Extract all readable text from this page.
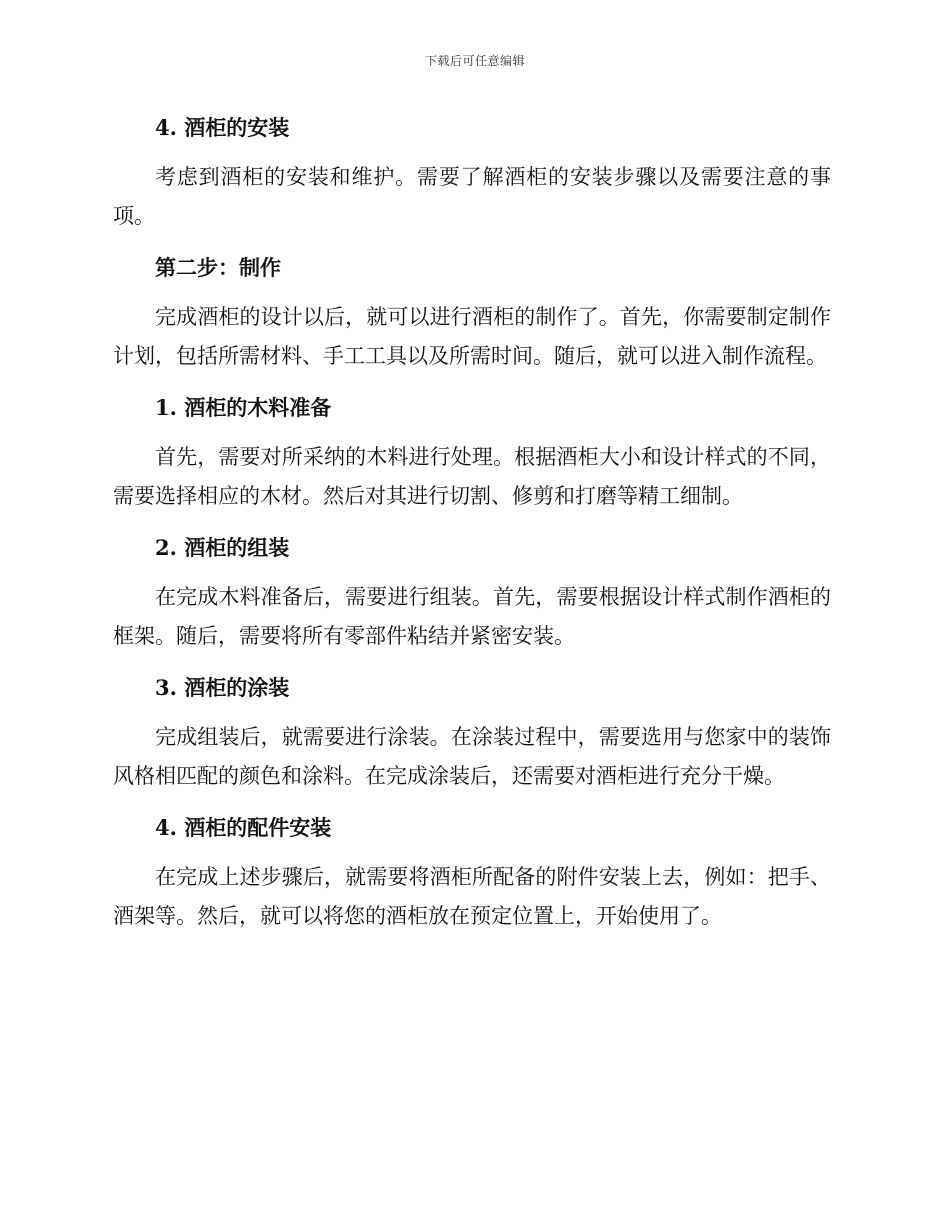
下载后可任意编辑
4. 酒柜的安装

考虑到酒柜的安装和维护。需要了解酒柜的安装步骤以及需要注意的事项。

第二步：制作

完成酒柜的设计以后，就可以进行酒柜的制作了。首先，你需要制定制作计划，包括所需材料、手工工具以及所需时间。随后，就可以进入制作流程。

1. 酒柜的木料准备

首先，需要对所采纳的木料进行处理。根据酒柜大小和设计样式的不同，需要选择相应的木材。然后对其进行切割、修剪和打磨等精工细制。

2. 酒柜的组装

在完成木料准备后，需要进行组装。首先，需要根据设计样式制作酒柜的框架。随后，需要将所有零部件粘结并紧密安装。

3. 酒柜的涂装

完成组装后，就需要进行涂装。在涂装过程中，需要选用与您家中的装饰风格相匹配的颜色和涂料。在完成涂装后，还需要对酒柜进行充分干燥。

4. 酒柜的配件安装

在完成上述步骤后，就需要将酒柜所配备的附件安装上去，例如：把手、酒架等。然后，就可以将您的酒柜放在预定位置上，开始使用了。
